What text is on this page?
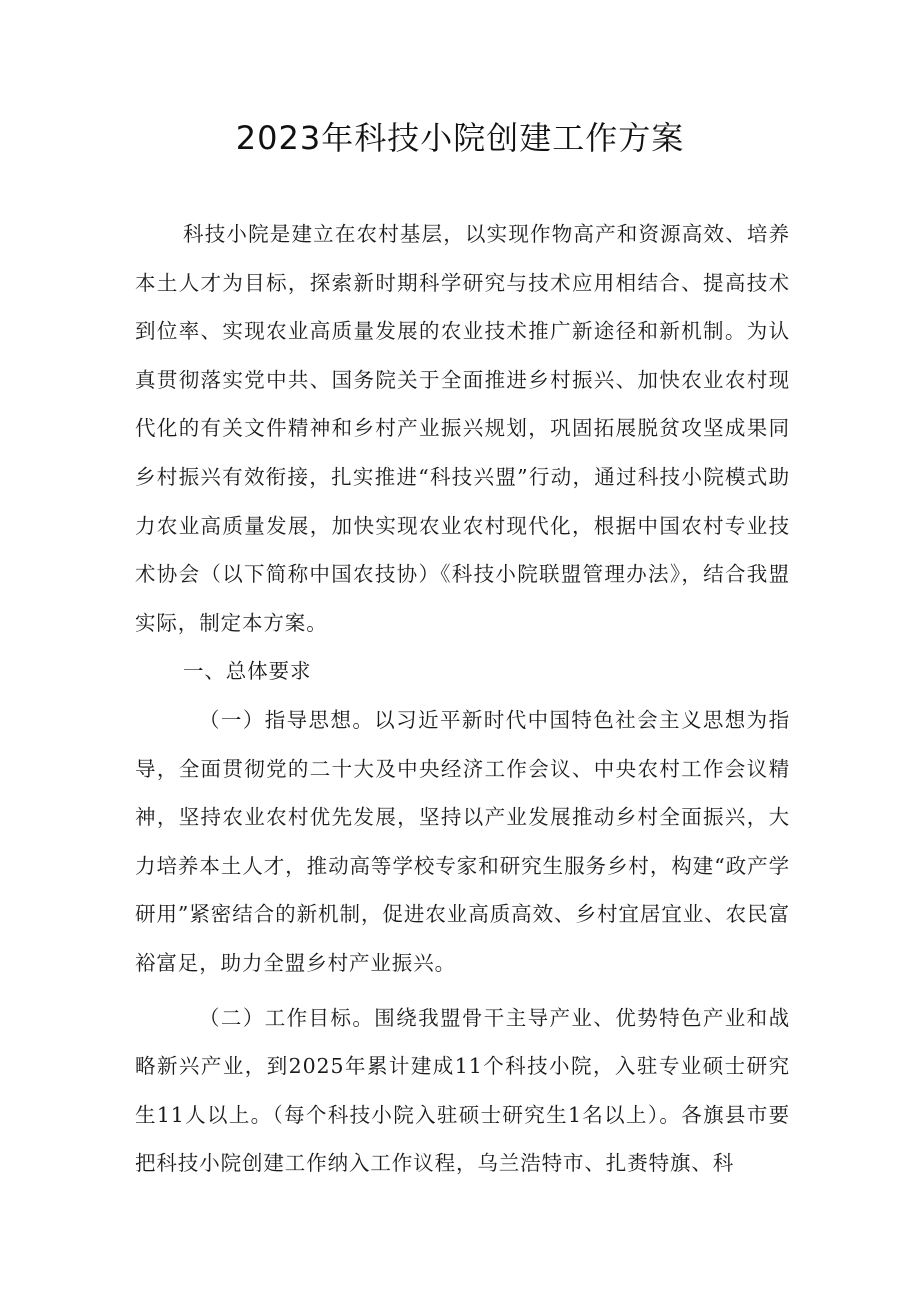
2023年科技小院创建工作方案

科技小院是建立在农村基层，以实现作物高产和资源高效、培养本土人才为目标，探索新时期科学研究与技术应用相结合、提高技术到位率、实现农业高质量发展的农业技术推广新途径和新机制。为认真贯彻落实党中共、国务院关于全面推进乡村振兴、加快农业农村现代化的有关文件精神和乡村产业振兴规划，巩固拓展脱贫攻坚成果同乡村振兴有效衔接，扎实推进“科技兴盟”行动，通过科技小院模式助力农业高质量发展，加快实现农业农村现代化，根据中国农村专业技术协会（以下简称中国农技协）《科技小院联盟管理办法》，结合我盟实际，制定本方案。

一、总体要求

（一）指导思想。以习近平新时代中国特色社会主义思想为指导，全面贯彻党的二十大及中央经济工作会议、中央农村工作会议精神，坚持农业农村优先发展，坚持以产业发展推动乡村全面振兴，大力培养本土人才，推动高等学校专家和研究生服务乡村，构建“政产学研用”紧密结合的新机制，促进农业高质高效、乡村宜居宜业、农民富裕富足，助力全盟乡村产业振兴。

（二）工作目标。围绕我盟骨干主导产业、优势特色产业和战略新兴产业，到2025年累计建成11个科技小院，入驻专业硕士研究生11人以上。（每个科技小院入驻硕士研究生1名以上）。各旗县市要把科技小院创建工作纳入工作议程，乌兰浩特市、扎赉特旗、科
